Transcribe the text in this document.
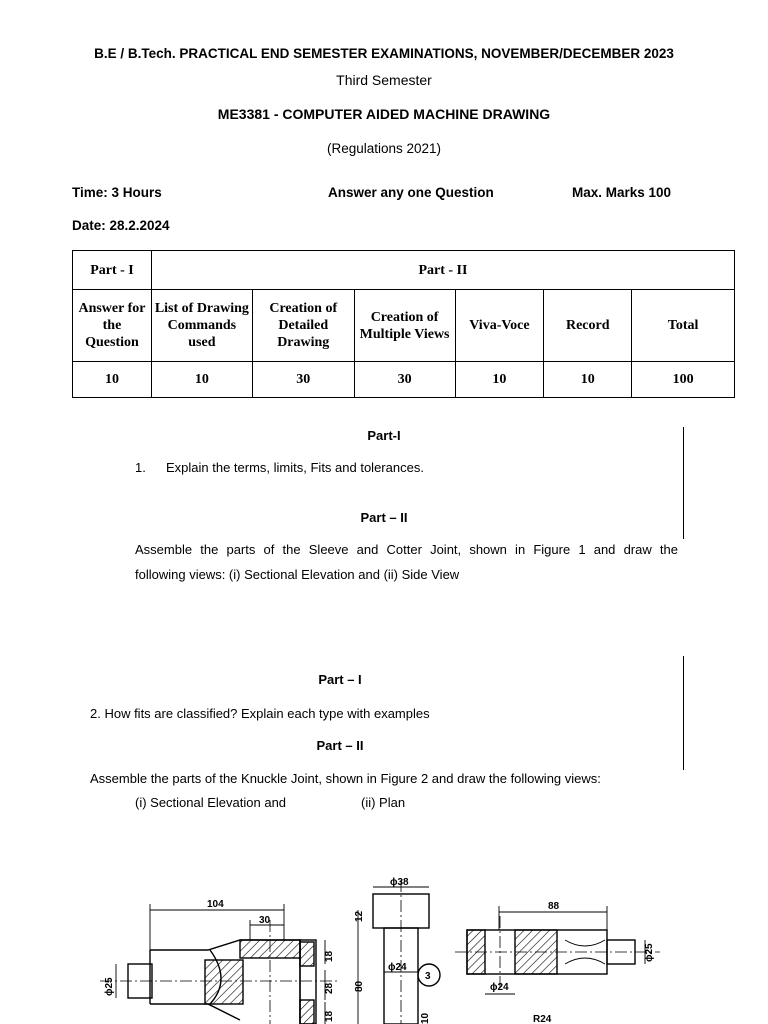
B.E / B.Tech. PRACTICAL END SEMESTER EXAMINATIONS, NOVEMBER/DECEMBER 2023
Third Semester
ME3381 - COMPUTER AIDED MACHINE DRAWING
(Regulations 2021)
Time: 3 Hours	Answer any one Question	Max. Marks 100
Date: 28.2.2024
Part - I	Part - II					
Answer for the Question	List of Drawing Commands used	Creation of Detailed Drawing	Creation of Multiple Views	Viva-Voce	Record	Total
10	10	30	30	10	10	100
Part-I
1. Explain the terms, limits, Fits and tolerances.
Part – II
Assemble the parts of the Sleeve and Cotter Joint, shown in Figure 1 and draw the
following views: (i) Sectional Elevation and (ii) Side View
Part – I
2. How fits are classified? Explain each type with examples
Part – II
Assemble the parts of the Knuckle Joint, shown in Figure 2 and draw the following views:
(i) Sectional Elevation and	(ii) Plan
104
30
ϕ25
18
28
18
ϕ38
12
80
ϕ24
10
3
88
ϕ25
ϕ24
R24
